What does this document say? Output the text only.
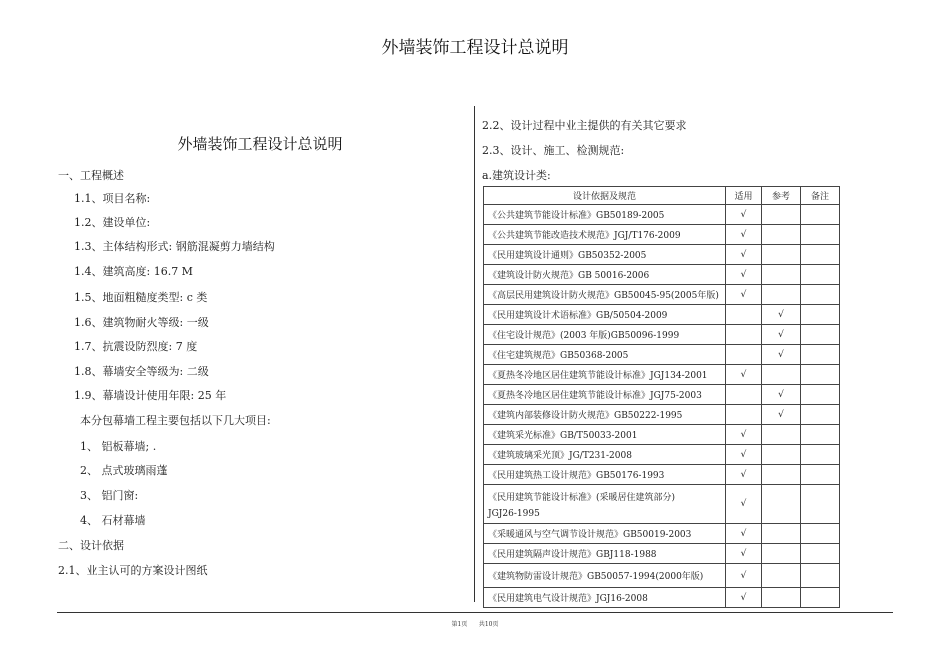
外墙装饰工程设计总说明
外墙装饰工程设计总说明
一、工程概述
1.1、项目名称:
1.2、建设单位:
1.3、主体结构形式: 钢筋混凝剪力墙结构
1.4、建筑高度: 16.7 M
1.5、地面粗糙度类型: c 类
1.6、建筑物耐火等级: 一级
1.7、抗震设防烈度: 7 度
1.8、幕墙安全等级为: 二级
1.9、幕墙设计使用年限: 25 年
本分包幕墙工程主要包括以下几大项目:
1、 铝板幕墙; .
2、 点式玻璃雨蓬
3、 铝门窗:
4、 石材幕墙
二、设计依据
2.1、业主认可的方案设计图纸
2.2、设计过程中业主提供的有关其它要求
2.3、设计、施工、检测规范:
a.建筑设计类:
设计依据及规范	适用	参考	备注

《公共建筑节能设计标准》GB50189-2005	√		

《公共建筑节能改造技术规范》JGJ/T176-2009	√		

《民用建筑设计通则》GB50352-2005	√		

《建筑设计防火规范》GB 50016-2006	√		

《高层民用建筑设计防火规范》GB50045-95(2005年版)	√		

《民用建筑设计术语标准》GB/50504-2009		√	

《住宅设计规范》(2003 年版)GB50096-1999		√	

《住宅建筑规范》GB50368-2005		√	

《夏热冬冷地区居住建筑节能设计标准》JGJ134-2001	√		

《夏热冬冷地区居住建筑节能设计标准》JGJ75-2003		√	

《建筑内部装修设计防火规范》GB50222-1995		√	

《建筑采光标准》GB/T50033-2001	√		

《建筑玻璃采光顶》JG/T231-2008	√		

《民用建筑热工设计规范》GB50176-1993	√		

《民用建筑节能设计标准》(采暖居住建筑部分)
JGJ26-1995	√		

《采暖通风与空气调节设计规范》GB50019-2003	√		

《民用建筑隔声设计规范》GBJ118-1988	√		

《建筑物防雷设计规范》GB50057-1994(2000年版)	√		

《民用建筑电气设计规范》JGJ16-2008	√		
第1页 共10页
